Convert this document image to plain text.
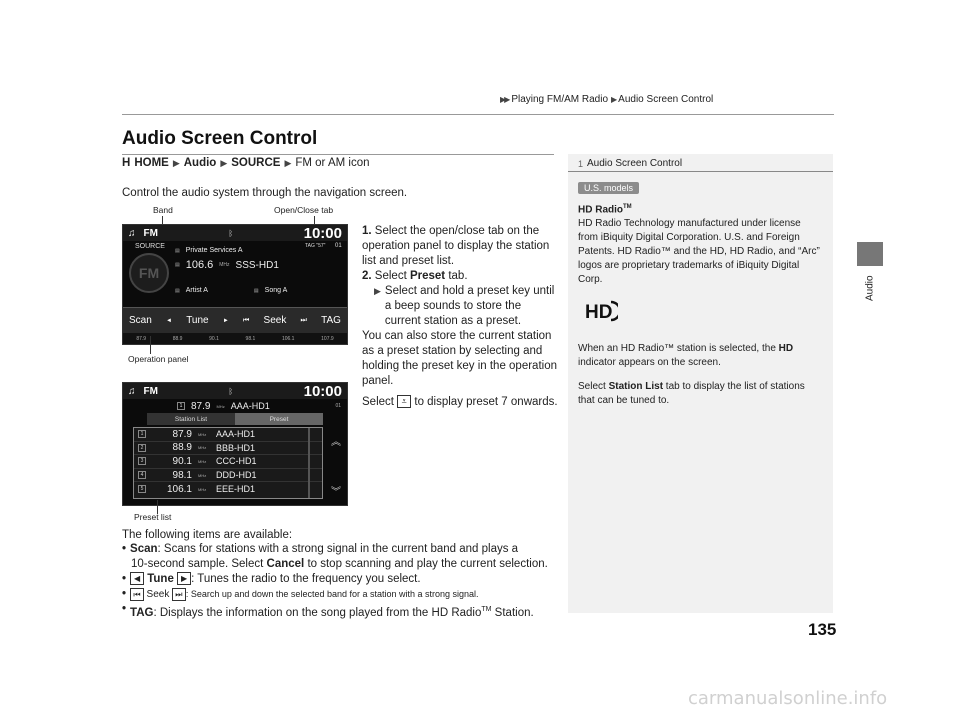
▶▶ Playing FM/AM Radio ▶ Audio Screen Control
Audio
Audio Screen Control
H HOME ▶ Audio ▶ SOURCE ▶ FM or AM icon
Control the audio system through the navigation screen.
Band	Open/Close tab
♫ FM	ᛒ	10:00
SOURCE
FM
TAG "57" 01
▤ Private Services A
▤ 106.6 MHz SSS-HD1
▤ Artist A	▤ Song A
Scan ◄ Tune ► ⏮ Seek ⏭ TAG
87.9	88.9	90.1	98.1	106.1	107.9
Operation panel

1. Select the open/close tab on the operation panel to display the station list and preset list.

2. Select Preset tab.

▶ Select and hold a preset key until a beep sounds to store the current station as a preset.

You can also store the current station as a preset station by selecting and holding the preset key in the operation panel.

Select ⩡ to display preset 7 onwards.

♫ FM	ᛒ	10:00
1 87.9 MHz AAA-HD1	01
Station List	Preset
1	87.9 MHz	AAA-HD1
2	88.9 MHz	BBB-HD1
3	90.1 MHz	CCC-HD1
4	98.1 MHz	DDD-HD1
5	106.1 MHz	EEE-HD1
︽
︾
Preset list
The following items are available:
• Scan: Scans for stations with a strong signal in the current band and plays a
10-second sample. Select Cancel to stop scanning and play the current selection.
• ◀ Tune ▶ : Tunes the radio to the frequency you select.
• ⏮ Seek ⏭ : Search up and down the selected band for a station with a strong signal.
• TAG: Displays the information on the song played from the HD Radio™ Station.
1 Audio Screen Control
U.S. models
HD Radio™

HD Radio Technology manufactured under license from iBiquity Digital Corporation. U.S. and Foreign Patents. HD Radio™ and the HD, HD Radio, and “Arc” logos are proprietary trademarks of iBiquity Digital Corp.

HD

When an HD Radio™ station is selected, the HD indicator appears on the screen.

Select Station List tab to display the list of stations that can be tuned to.

135
carmanualsonline.info
